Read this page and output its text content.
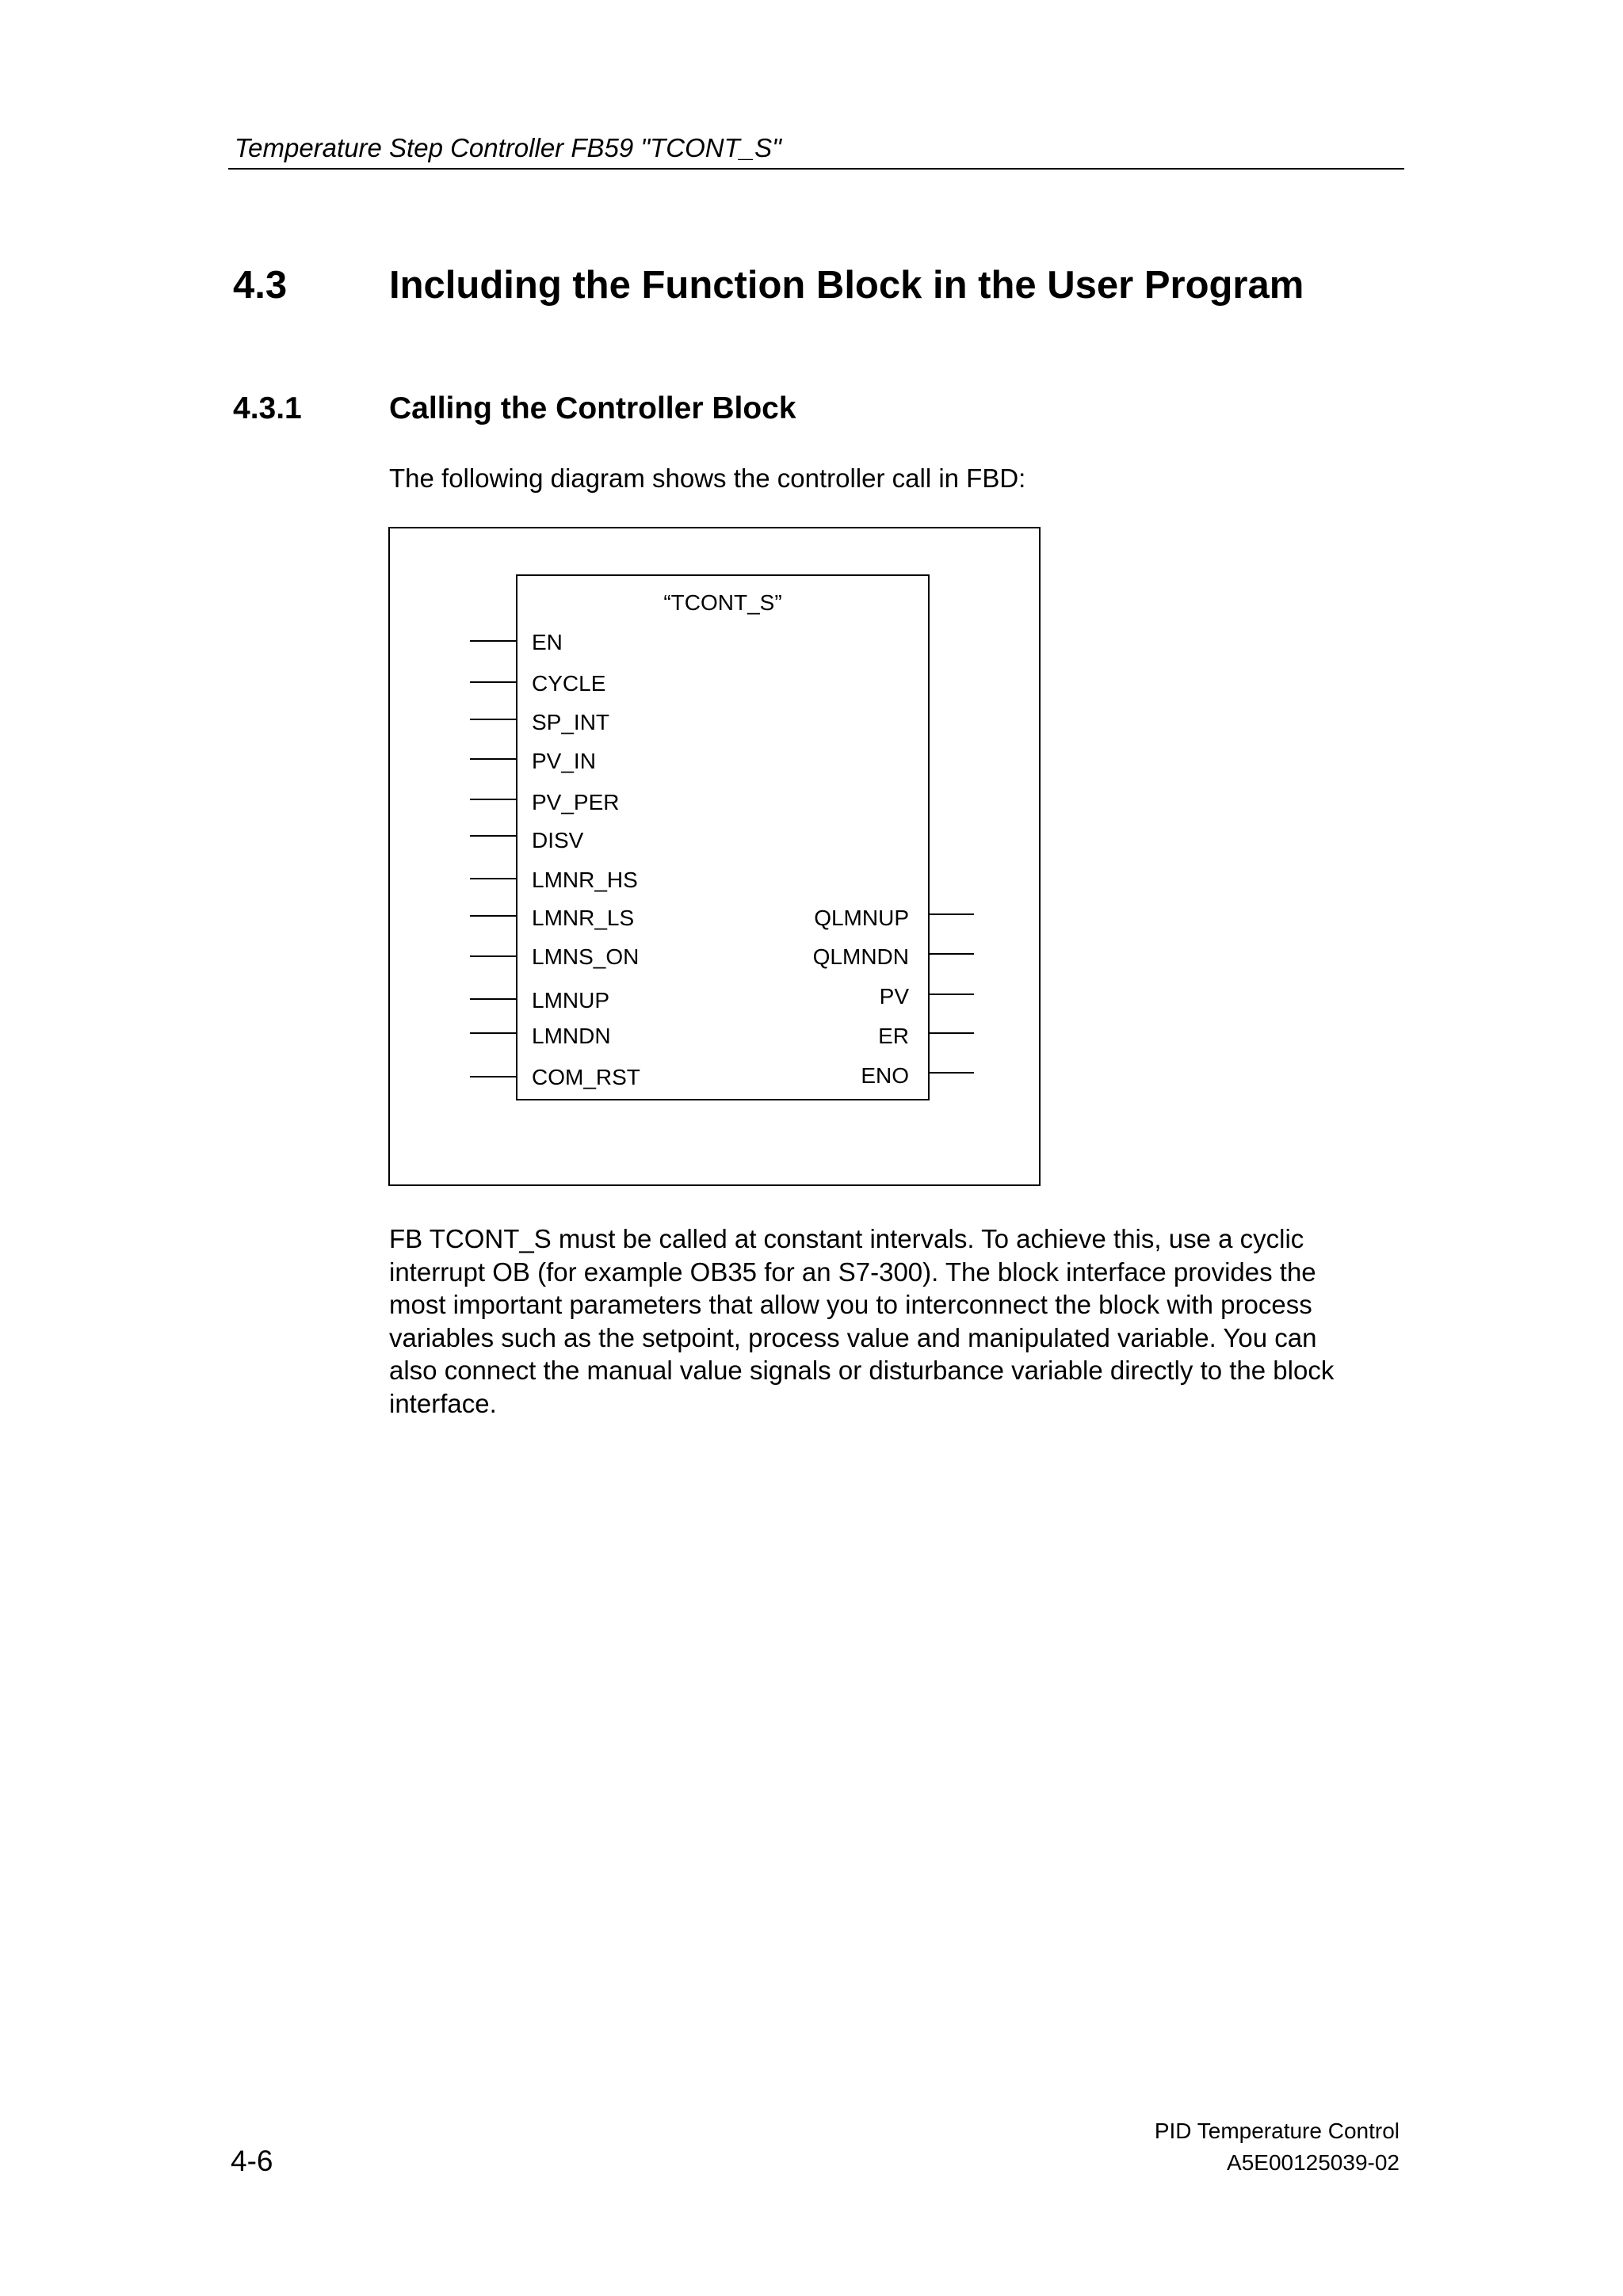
Temperature Step Controller FB59 "TCONT_S"
4.3	Including the Function Block in the User Program
4.3.1	Calling the Controller Block
The following diagram shows the controller call in FBD:
“TCONT_S”
EN
CYCLE
SP_INT
PV_IN
PV_PER
DISV
LMNR_HS
LMNR_LS
LMNS_ON
LMNUP
LMNDN
COM_RST
QLMNUP
QLMNDN
PV
ER
ENO
FB TCONT_S must be called at constant intervals. To achieve this, use a cyclic
interrupt OB (for example OB35 for an S7-300). The block interface provides the
most important parameters that allow you to interconnect the block with process
variables such as the setpoint, process value and manipulated variable. You can
also connect the manual value signals or disturbance variable directly to the block
interface.
PID Temperature Control
A5E00125039-02
4-6
